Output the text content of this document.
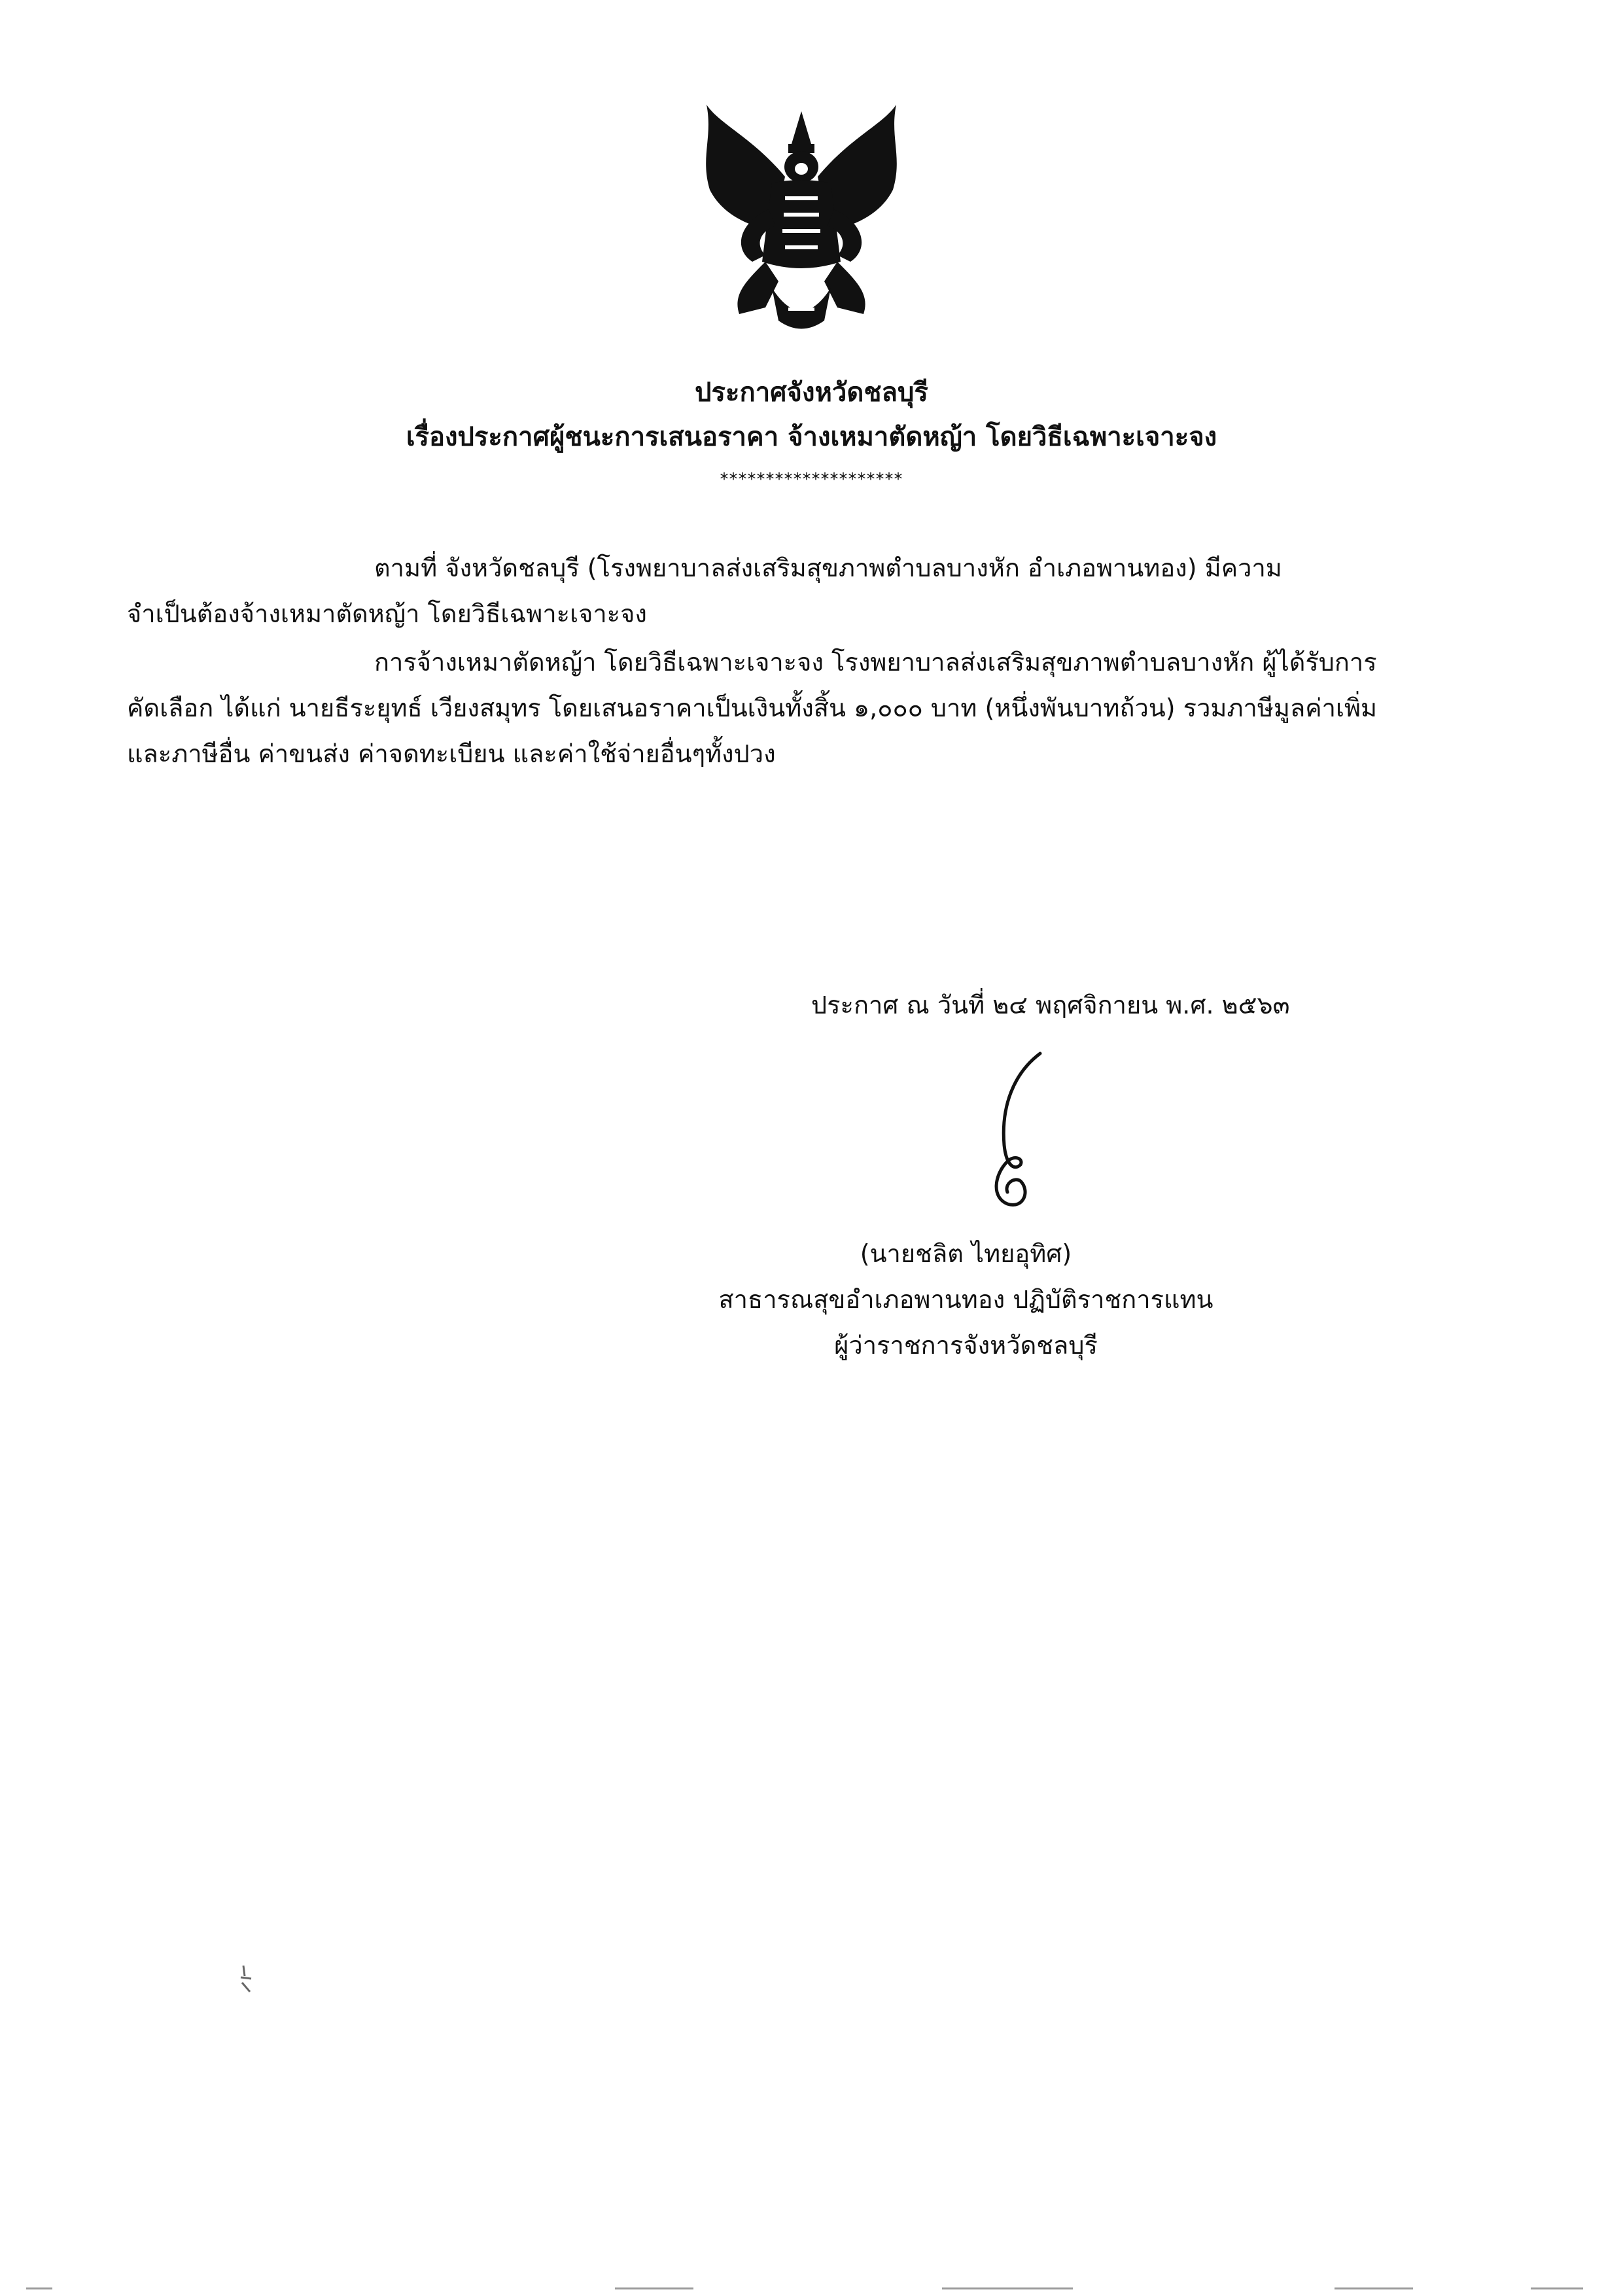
ประกาศจังหวัดชลบุรี
เรื่องประกาศผู้ชนะการเสนอราคา จ้างเหมาตัดหญ้า โดยวิธีเฉพาะเจาะจง
********************
ตามที่ จังหวัดชลบุรี (โรงพยาบาลส่งเสริมสุขภาพตำบลบางหัก อำเภอพานทอง) มีความ
จำเป็นต้องจ้างเหมาตัดหญ้า โดยวิธีเฉพาะเจาะจง
การจ้างเหมาตัดหญ้า โดยวิธีเฉพาะเจาะจง โรงพยาบาลส่งเสริมสุขภาพตำบลบางหัก ผู้ได้รับการ
คัดเลือก ได้แก่ นายธีระยุทธ์ เวียงสมุทร โดยเสนอราคาเป็นเงินทั้งสิ้น ๑,๐๐๐ บาท (หนึ่งพันบาทถ้วน) รวมภาษีมูลค่าเพิ่ม
และภาษีอื่น ค่าขนส่ง ค่าจดทะเบียน และค่าใช้จ่ายอื่นๆทั้งปวง
ประกาศ ณ วันที่ ๒๔ พฤศจิกายน พ.ศ. ๒๕๖๓
(นายชลิต ไทยอุทิศ)
สาธารณสุขอำเภอพานทอง ปฏิบัติราชการแทน
ผู้ว่าราชการจังหวัดชลบุรี
